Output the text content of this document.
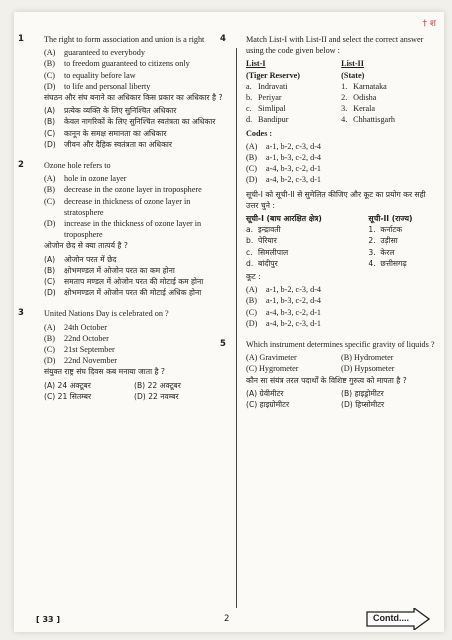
† श
1 The right to form association and union is a right

(A)	guaranteed to everybody
(B)	to freedom guaranteed to citizens only
(C)	to equality before law
(D)	to life and personal liberty

संघठन और संघ बनाने का अधिकार किस प्रकार का अधिकार है ?

(A)	प्रत्येक व्यक्ति के लिए सुनिश्चित अधिकार
(B)	केवल नागरिकों के लिए सुनिश्चित स्वतंत्रता का अधिकार
(C)	कानून के समक्ष समानता का अधिकार
(D) जीवन और दैहिक स्वतंत्रता का अधिकार
2 Ozone hole refers to

(A)	hole in ozone layer
(B)	decrease in the ozone layer in troposphere
(C)	decrease in thickness of ozone layer in stratosphere
(D)	increase in the thickness of ozone layer in troposphere

ओजोन छेद से क्या तात्पर्य है ?

(A)	ओजोन परत में छेद
(B)	क्षोभमण्डल में ओजोन परत का कम होना
(C)	समताप मण्डल में ओजोन परत की मोटाई कम होना
(D) क्षोभमण्डल में ओजोन परत की मोटाई अधिक होना
3 United Nations Day is celebrated on ?

(A)	24th October
(B)	22nd October
(C)	21st September
(D)	22nd November

संयुक्त राष्ट्र संघ दिवस कब मनाया जाता है ?

(A) 24 अक्टूबर	(B) 22 अक्टूबर
(C) 21 सितम्बर	(D) 22 नवम्बर
4 Match List-I with List-II and select the correct answer using the code given below :

List-I		List-II	
(Tiger Reserve)		(State)	
a.	Indravati	1.	Karnataka
b.	Periyar	2.	Odisha
c.	Simlipal	3.	Kerala
d.	Bandipur	4.	Chhattisgarh

Codes :

(A)	a-1, b-2, c-3, d-4
(B)	a-1, b-3, c-2, d-4
(C)	a-4, b-3, c-2, d-1
(D)	a-4, b-2, c-3, d-1

सूची-I को सूची-II से सुमेलित कीजिए और कूट का प्रयोग कर सही उत्तर चुने :

सूची-I (बाघ आरक्षित क्षेत्र)		सूची-II (राज्य)	
a.	इन्द्रावती	1.	कर्नाटक
b.	पेरियार	2.	उड़ीसा
c.	सिमलीपाल	3.	केरल
d.	बांदीपुर	4.	छत्तीसगढ़

कूट :

(A)	a-1, b-2, c-3, d-4
(B)	a-1, b-3, c-2, d-4
(C)	a-4, b-3, c-2, d-1
(D)	a-4, b-2, c-3, d-1
5 Which instrument determines specific gravity of liquids ?

(A) Gravimeter	(B) Hydrometer
(C) Hygrometer	(D) Hypsometer

कौन सा संयंत्र तरल पदार्थों के विशिष्ट गुरुत्व को मापता है ?

(A) ग्रेवीमीटर	(B) हाइड्रोमीटर
(C) हाइग्रोमीटर	(D) हिप्सोमीटर
[ 33 ]	2	Contd....
